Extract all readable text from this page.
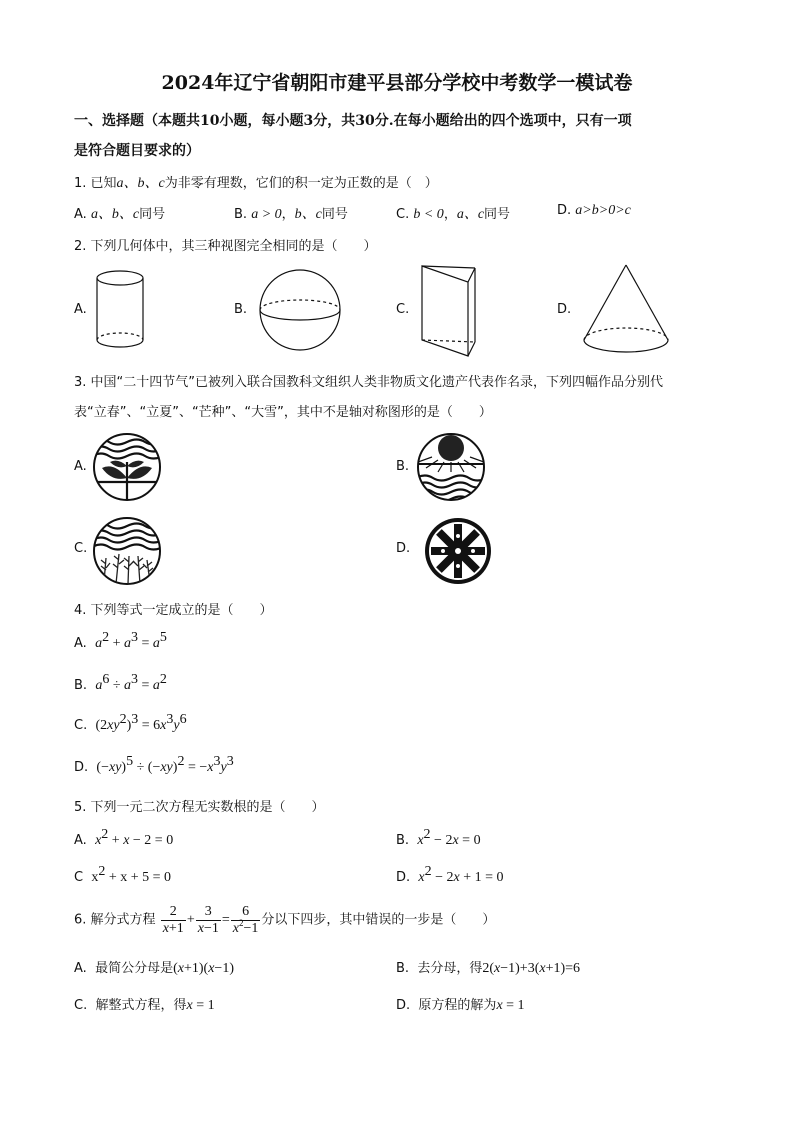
2024年辽宁省朝阳市建平县部分学校中考数学一模试卷
一、选择题（本题共10小题，每小题3分，共30分.在每小题给出的四个选项中，只有一项
是符合题目要求的）
1. 已知a、b、c为非零有理数，它们的积一定为正数的是（　）
A. a、b、c同号	B. a > 0，b、c同号	C. b < 0，a、c同号	D. a>b>0>c
2. 下列几何体中，其三种视图完全相同的是（　　）
A.	B.	C.	D.
3. 中国“二十四节气”已被列入联合国教科文组织人类非物质文化遗产代表作名录，下列四幅作品分别代
表“立春”、“立夏”、“芒种”、“大雪”，其中不是轴对称图形的是（　　）
A.	B.
C.	D.
4. 下列等式一定成立的是（　　）
A. $a^2 + a^3 = a^5$
B. $a^6 \div a^3 = a^2$
C. $(2xy^2)^3 = 6x^3y^6$
D. $(-xy)^5 \div (-xy)^2 = -x^3y^3$
5. 下列一元二次方程无实数根的是（　　）
A. $x^2 + x - 2 = 0$	B. $x^2 - 2x = 0$
C $x^2 + x + 5 = 0$	D. $x^2 - 2x + 1 = 0$
6. 解分式方程 $\frac{2}{x+1} + \frac{3}{x-1} = \frac{6}{x^2-1}$ 分以下四步，其中错误的一步是（　　）
A. 最简公分母是(x+1)(x−1)	B. 去分母，得2(x−1)+3(x+1)=6
C. 解整式方程，得x = 1	D. 原方程的解为x = 1
